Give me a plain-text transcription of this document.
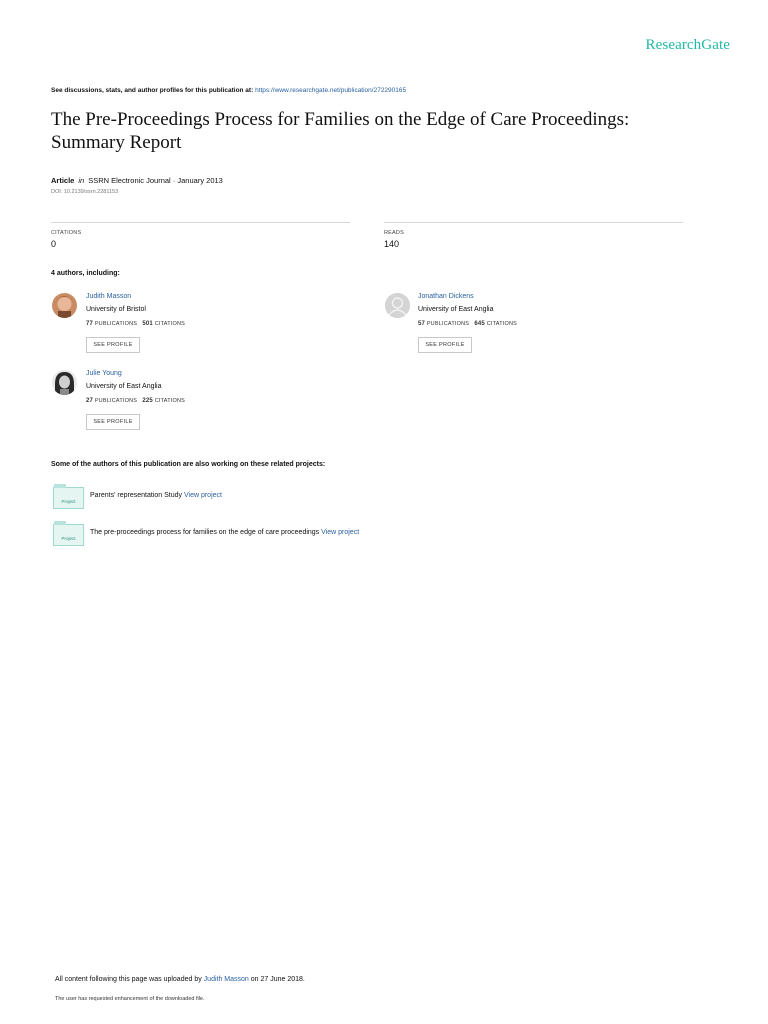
ResearchGate
See discussions, stats, and author profiles for this publication at: https://www.researchgate.net/publication/272290165
The Pre-Proceedings Process for Families on the Edge of Care Proceedings:
Summary Report
Article in SSRN Electronic Journal · January 2013
DOI: 10.2139/ssrn.2281153
CITATIONS
0
READS
140
4 authors, including:
Judith Masson
University of Bristol
77 PUBLICATIONS 501 CITATIONS
SEE PROFILE
Jonathan Dickens
University of East Anglia
57 PUBLICATIONS 645 CITATIONS
SEE PROFILE
Julie Young
University of East Anglia
27 PUBLICATIONS 225 CITATIONS
SEE PROFILE
Some of the authors of this publication are also working on these related projects:
Project
Parents' representation Study View project
Project
The pre-proceedings process for families on the edge of care proceedings View project
All content following this page was uploaded by Judith Masson on 27 June 2018.
The user has requested enhancement of the downloaded file.
